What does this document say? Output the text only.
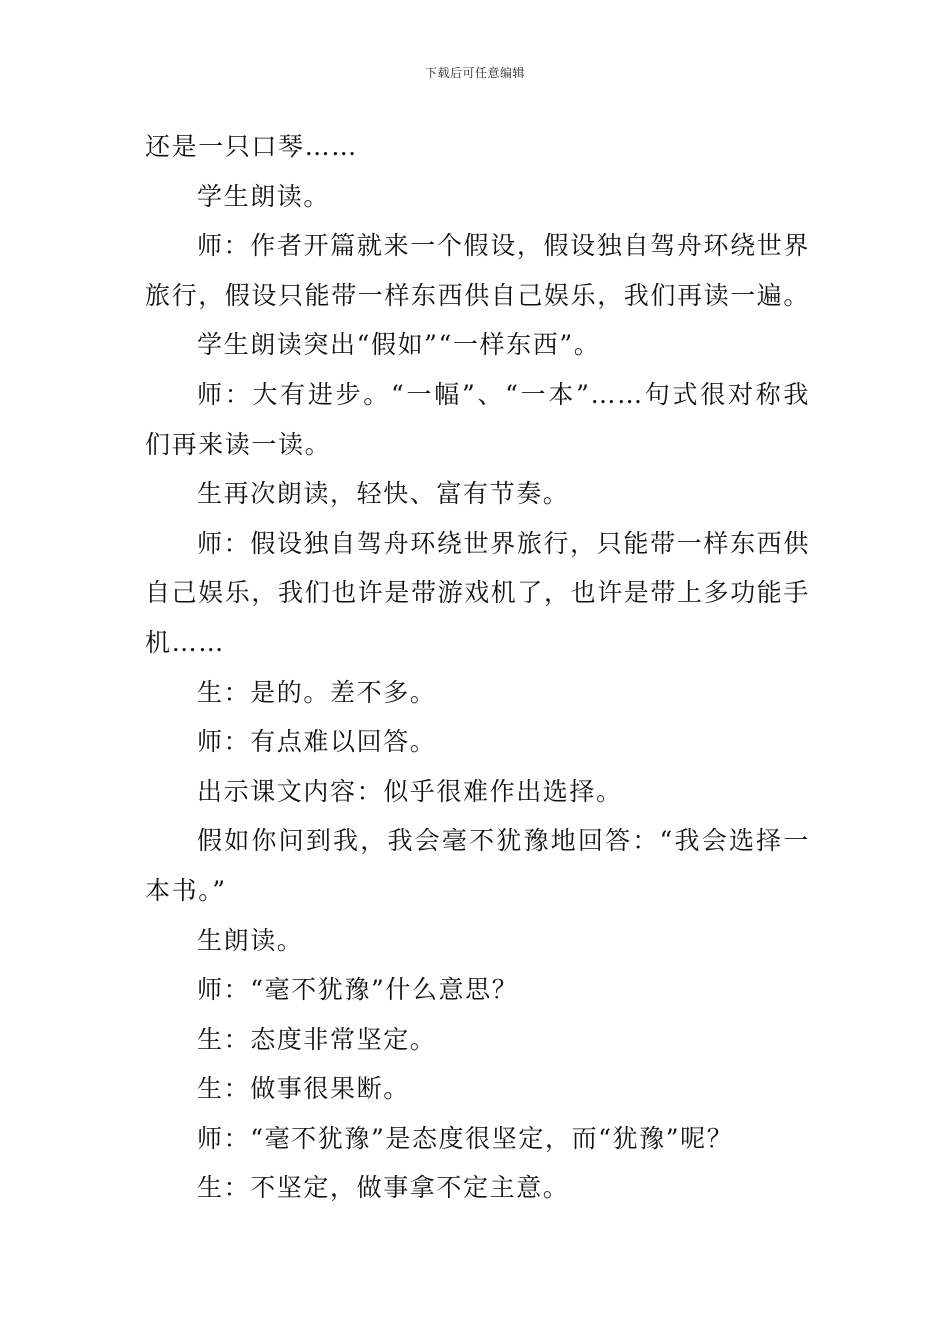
下载后可任意编辑

还是一只口琴……

学生朗读。

师：作者开篇就来一个假设，假设独自驾舟环绕世界旅行，假设只能带一样东西供自己娱乐，我们再读一遍。

学生朗读突出“假如”“一样东西”。

师：大有进步。“一幅”、“一本”……句式很对称我们再来读一读。

生再次朗读，轻快、富有节奏。

师：假设独自驾舟环绕世界旅行，只能带一样东西供自己娱乐，我们也许是带游戏机了，也许是带上多功能手机……

生：是的。差不多。

师：有点难以回答。

出示课文内容：似乎很难作出选择。

假如你问到我，我会毫不犹豫地回答：“我会选择一本书。”

生朗读。

师：“毫不犹豫”什么意思？

生：态度非常坚定。

生：做事很果断。

师：“毫不犹豫”是态度很坚定，而“犹豫”呢？

生：不坚定，做事拿不定主意。
